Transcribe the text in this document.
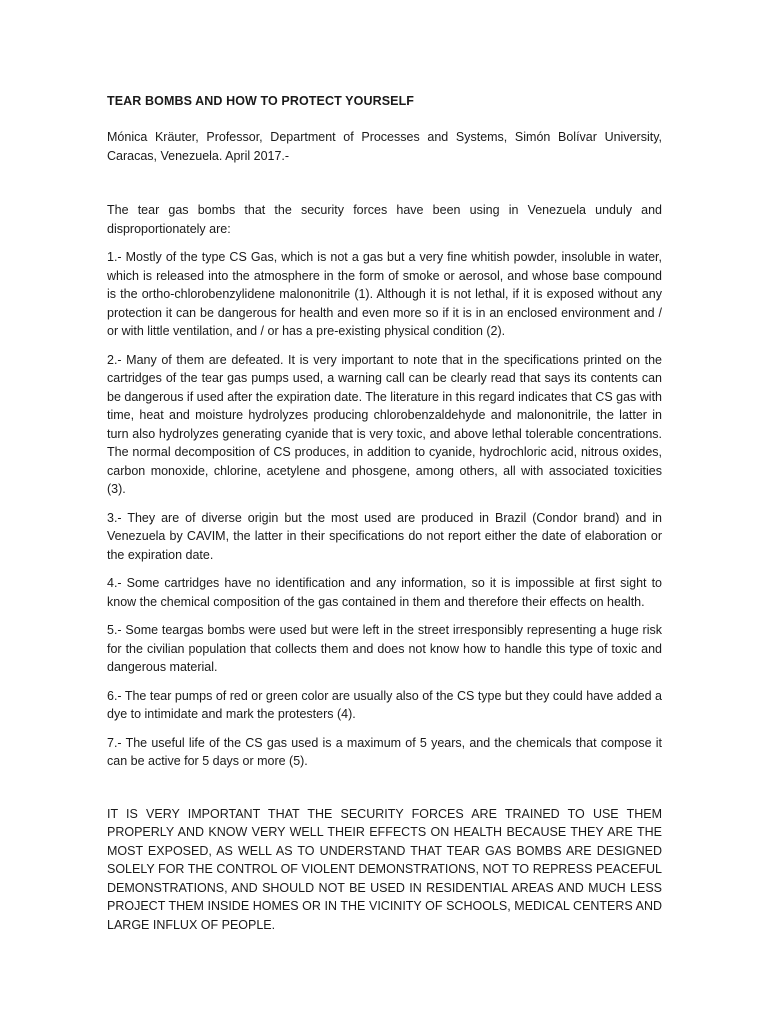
TEAR BOMBS AND HOW TO PROTECT YOURSELF

Mónica Kräuter, Professor, Department of Processes and Systems, Simón Bolívar University, Caracas, Venezuela. April 2017.-

The tear gas bombs that the security forces have been using in Venezuela unduly and disproportionately are:

1.- Mostly of the type CS Gas, which is not a gas but a very fine whitish powder, insoluble in water, which is released into the atmosphere in the form of smoke or aerosol, and whose base compound is the ortho-chlorobenzylidene malononitrile (1). Although it is not lethal, if it is exposed without any protection it can be dangerous for health and even more so if it is in an enclosed environment and / or with little ventilation, and / or has a pre-existing physical condition (2).

2.- Many of them are defeated. It is very important to note that in the specifications printed on the cartridges of the tear gas pumps used, a warning call can be clearly read that says its contents can be dangerous if used after the expiration date. The literature in this regard indicates that CS gas with time, heat and moisture hydrolyzes producing chlorobenzaldehyde and malononitrile, the latter in turn also hydrolyzes generating cyanide that is very toxic, and above lethal tolerable concentrations. The normal decomposition of CS produces, in addition to cyanide, hydrochloric acid, nitrous oxides, carbon monoxide, chlorine, acetylene and phosgene, among others, all with associated toxicities (3).

3.- They are of diverse origin but the most used are produced in Brazil (Condor brand) and in Venezuela by CAVIM, the latter in their specifications do not report either the date of elaboration or the expiration date.

4.- Some cartridges have no identification and any information, so it is impossible at first sight to know the chemical composition of the gas contained in them and therefore their effects on health.

5.- Some teargas bombs were used but were left in the street irresponsibly representing a huge risk for the civilian population that collects them and does not know how to handle this type of toxic and dangerous material.

6.- The tear pumps of red or green color are usually also of the CS type but they could have added a dye to intimidate and mark the protesters (4).

7.- The useful life of the CS gas used is a maximum of 5 years, and the chemicals that compose it can be active for 5 days or more (5).

IT IS VERY IMPORTANT THAT THE SECURITY FORCES ARE TRAINED TO USE THEM PROPERLY AND KNOW VERY WELL THEIR EFFECTS ON HEALTH BECAUSE THEY ARE THE MOST EXPOSED, AS WELL AS TO UNDERSTAND THAT TEAR GAS BOMBS ARE DESIGNED SOLELY FOR THE CONTROL OF VIOLENT DEMONSTRATIONS, NOT TO REPRESS PEACEFUL DEMONSTRATIONS, AND SHOULD NOT BE USED IN RESIDENTIAL AREAS AND MUCH LESS PROJECT THEM INSIDE HOMES OR IN THE VICINITY OF SCHOOLS, MEDICAL CENTERS AND LARGE INFLUX OF PEOPLE.
